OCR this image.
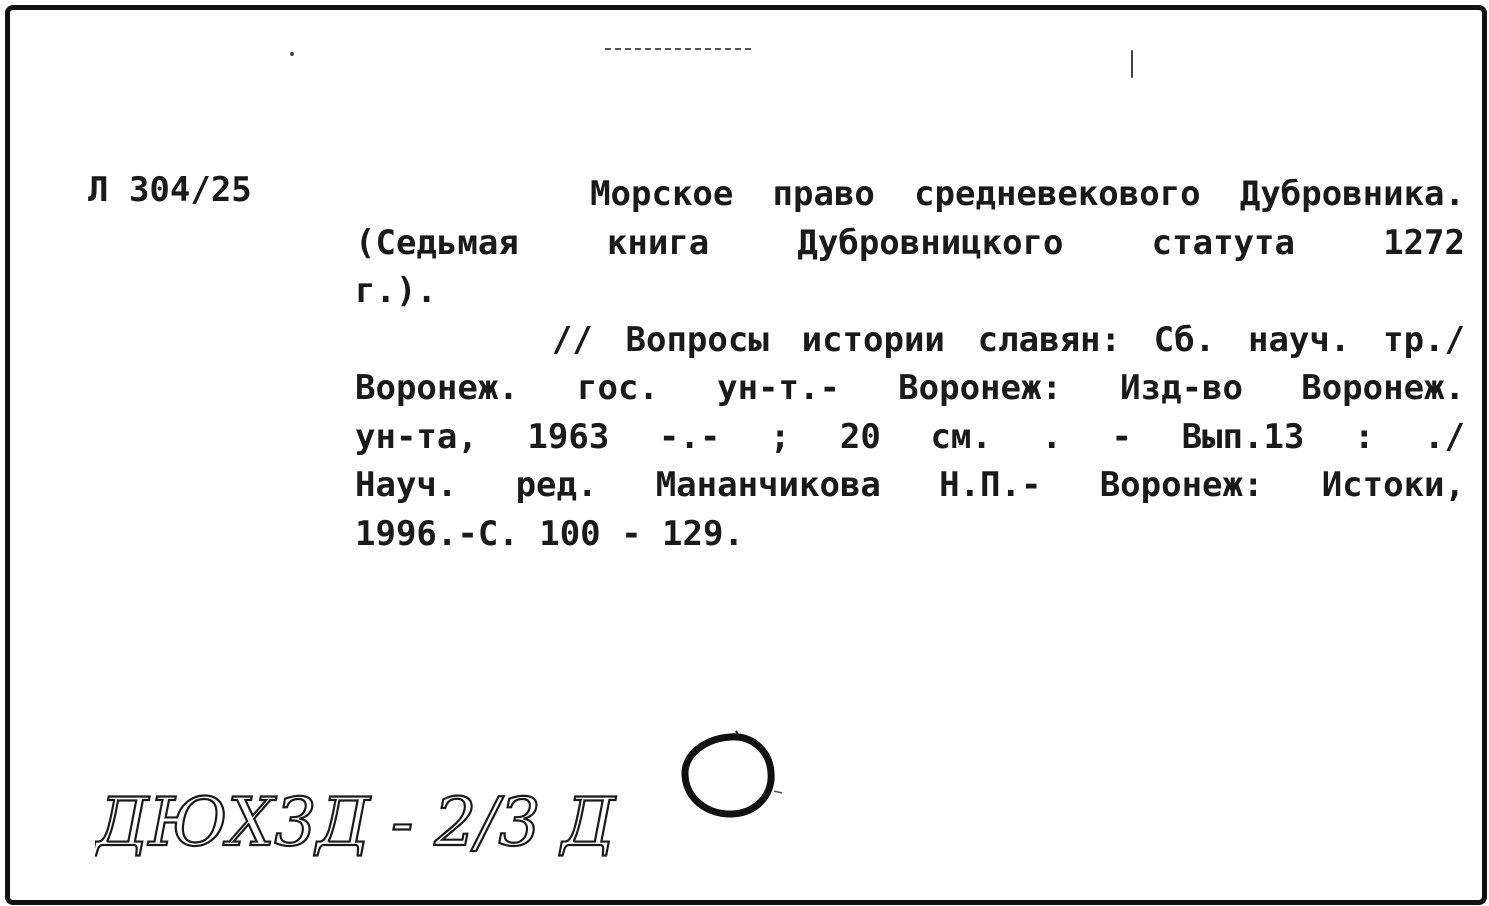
Л 304/25	Морское право средневекового Дубровника.
(Седьмая книга Дубровницкого статута 1272
г.).
// Вопросы истории славян: Сб. науч. тр./
Воронеж. гос. ун-т.- Воронеж: Изд-во Воронеж.
ун-та, 1963 -.- ; 20 см. . - Вып.13 : ./
Науч. ред. Мананчикова Н.П.- Воронеж: Истоки,
1996.-С. 100 - 129.
ДЮХ3Д - 2/3 Д
